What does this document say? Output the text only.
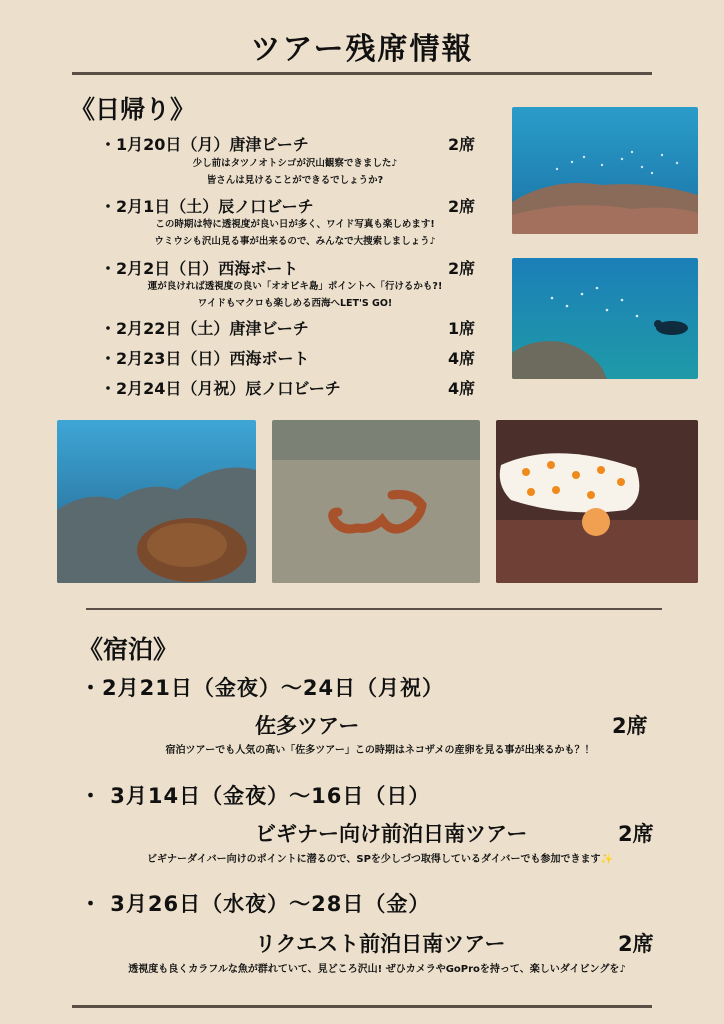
ツアー残席情報
《日帰り》
・1月20日（月）唐津ビーチ	2席
少し前はタツノオトシゴが沢山観察できました♪
皆さんは見けることができるでしょうか?
・2月1日（土）辰ノ口ビーチ	2席
この時期は特に透視度が良い日が多く、ワイド写真も楽しめます!
ウミウシも沢山見る事が出来るので、みんなで大捜索しましょう♪
・2月2日（日）西海ボート	2席
運が良ければ透視度の良い「オオビキ島」ポイントへ「行けるかも?!
ワイドもマクロも楽しめる西海へLET'S GO!
・2月22日（土）唐津ビーチ	1席
・2月23日（日）西海ボート	4席
・2月24日（月祝）辰ノ口ビーチ	4席
《宿泊》
・2月21日（金夜）～24日（月祝）
佐多ツアー	2席
宿泊ツアーでも人気の高い「佐多ツアー」この時期はネコザメの産卵を見る事が出来るかも？！
・ 3月14日（金夜）～16日（日）
ビギナー向け前泊日南ツアー	2席
ビギナーダイバー向けのポイントに潜るので、SPを少しづつ取得しているダイバーでも参加できます✨
・ 3月26日（水夜）～28日（金）
リクエスト前泊日南ツアー	2席
透視度も良くカラフルな魚が群れていて、見どころ沢山! ぜひカメラやGoProを持って、楽しいダイビングを♪
